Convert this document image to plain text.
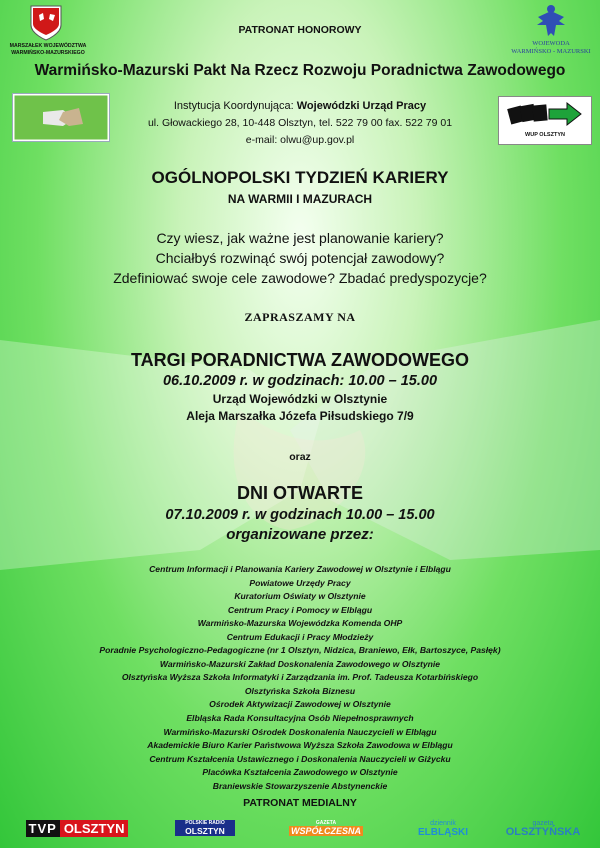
MARSZAŁEK WOJEWÓDZTWA WARMIŃSKO-MAZURSKIEGO
PATRONAT HONOROWY
WOJEWODA
WARMIŃSKO - MAZURSKI
Warmińsko-Mazurski Pakt Na Rzecz Rozwoju Poradnictwa Zawodowego
Instytucja Koordynująca: Wojewódzki Urząd Pracy
ul. Głowackiego 28, 10-448 Olsztyn, tel. 522 79 00 fax. 522 79 01
e-mail: olwu@up.gov.pl	WUP OLSZTYN
OGÓLNOPOLSKI TYDZIEŃ KARIERY
NA WARMII I MAZURACH
Czy wiesz, jak ważne jest planowanie kariery?
Chciałbyś rozwinąć swój potencjał zawodowy?
Zdefiniować swoje cele zawodowe? Zbadać predyspozycje?
ZAPRASZAMY NA
TARGI PORADNICTWA ZAWODOWEGO
06.10.2009 r. w godzinach: 10.00 – 15.00
Urząd Wojewódzki w Olsztynie
Aleja Marszałka Józefa Piłsudskiego 7/9
oraz
DNI OTWARTE
07.10.2009 r. w godzinach 10.00 – 15.00
organizowane przez:
Centrum Informacji i Planowania Kariery Zawodowej w Olsztynie i Elblągu
Powiatowe Urzędy Pracy
Kuratorium Oświaty w Olsztynie
Centrum Pracy i Pomocy w Elblągu
Warmińsko-Mazurska Wojewódzka Komenda OHP
Centrum Edukacji i Pracy Młodzieży
Poradnie Psychologiczno-Pedagogiczne (nr 1 Olsztyn, Nidzica, Braniewo, Ełk, Bartoszyce, Pasłęk)
Warmińsko-Mazurski Zakład Doskonalenia Zawodowego w Olsztynie
Olsztyńska Wyższa Szkoła Informatyki i Zarządzania im. Prof. Tadeusza Kotarbińskiego
Olsztyńska Szkoła Biznesu
Ośrodek Aktywizacji Zawodowej w Olsztynie
Elbląska Rada Konsultacyjna Osób Niepełnosprawnych
Warmińsko-Mazurski Ośrodek Doskonalenia Nauczycieli w Elblągu
Akademickie Biuro Karier Państwowa Wyższa Szkoła Zawodowa w Elblągu
Centrum Kształcenia Ustawicznego i Doskonalenia Nauczycieli w Giżycku
Placówka Kształcenia Zawodowego w Olsztynie
Braniewskie Stowarzyszenie Abstynenckie
PATRONAT MEDIALNY
TVP OLSZTYN	POLSKIE RADIO
OLSZTYN
GAZETA
WSPÓŁCZESNA
dziennik
ELBLĄSKI
gazeta
OLSZTYŃSKA
